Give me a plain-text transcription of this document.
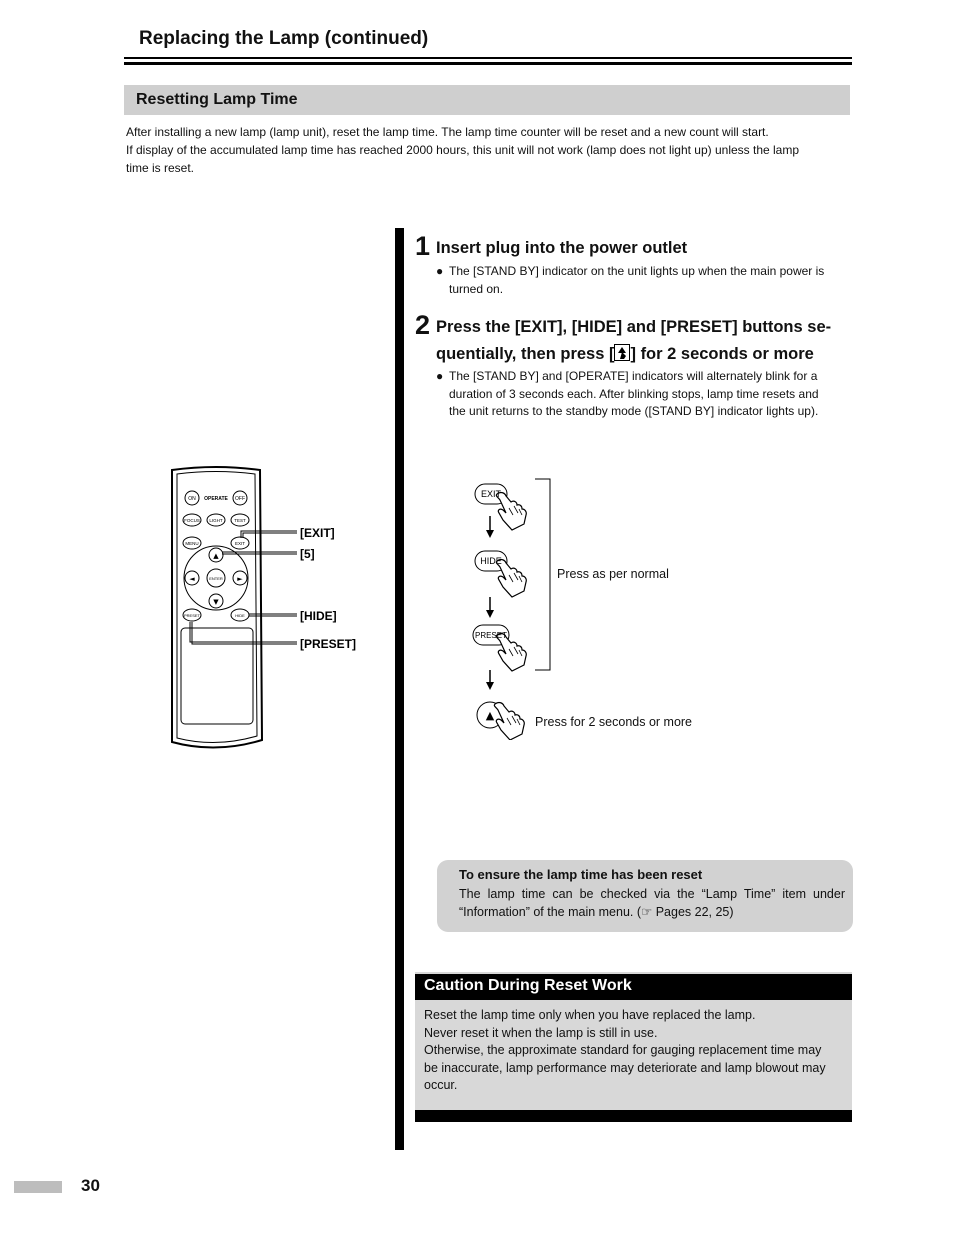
Replacing the Lamp (continued)
Resetting Lamp Time

After installing a new lamp (lamp unit), reset the lamp time. The lamp time counter will be reset and a new count will start.
If display of the accumulated lamp time has reached 2000 hours, this unit will not work (lamp does not light up) unless the lamp
time is reset.

ON OPERATE OFF
FOCUS LIGHT	TEST
MENU	EXIT
▲
▼
◄	►
ENTER
PRESET	HIDE
[EXIT]
[5]
[HIDE]
[PRESET]
1 Insert plug into the power outlet
● The [STAND BY] indicator on the unit lights up when the main power is
turned on.
2 Press the [EXIT], [HIDE] and [PRESET] buttons se-
quentially, then press [ ] for 2 seconds or more
● The [STAND BY] and [OPERATE] indicators will alternately blink for a
duration of 3 seconds each. After blinking stops, lamp time resets and
the unit returns to the standby mode ([STAND BY] indicator lights up).
EXIT
HIDE
PRESET
▲
Press as per normal
Press for 2 seconds or more
To ensure the lamp time has been reset
The lamp time can be checked via the “Lamp Time” item under
“Information” of the main menu. (☞ Pages 22, 25)
Caution During Reset Work
Reset the lamp time only when you have replaced the lamp.
Never reset it when the lamp is still in use.
Otherwise, the approximate standard for gauging replacement time may
be inaccurate, lamp performance may deteriorate and lamp blowout may
occur.
30
